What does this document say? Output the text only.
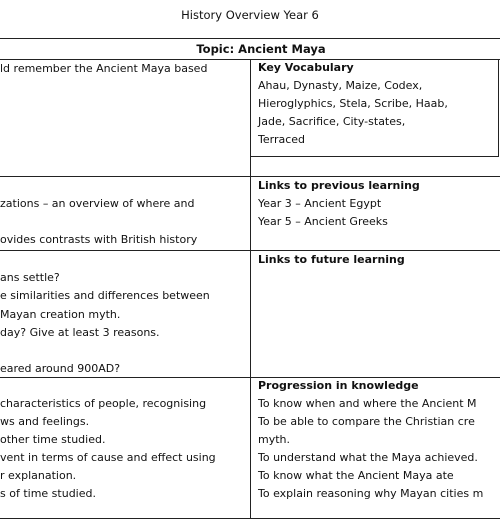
History Overview Year 6
Topic: Ancient Maya
ld remember the Ancient Maya based	Key Vocabulary
Ahau, Dynasty, Maize, Codex,
Hieroglyphics, Stela, Scribe, Haab,
Jade, Sacrifice, City-states,
Terraced
zations – an overview of where and
ovides contrasts with British history
Links to previous learning
Year 3 – Ancient Egypt
Year 5 – Ancient Greeks
ans settle?
e similarities and differences between
Mayan creation myth.
day? Give at least 3 reasons.
eared around 900AD?
Links to future learning
characteristics of people, recognising
ws and feelings.
other time studied.
vent in terms of cause and effect using
r explanation.
s of time studied.
Progression in knowledge
To know when and where the Ancient M
To be able to compare the Christian cre
myth.
To understand what the Maya achieved.
To know what the Ancient Maya ate
To explain reasoning why Mayan cities m
